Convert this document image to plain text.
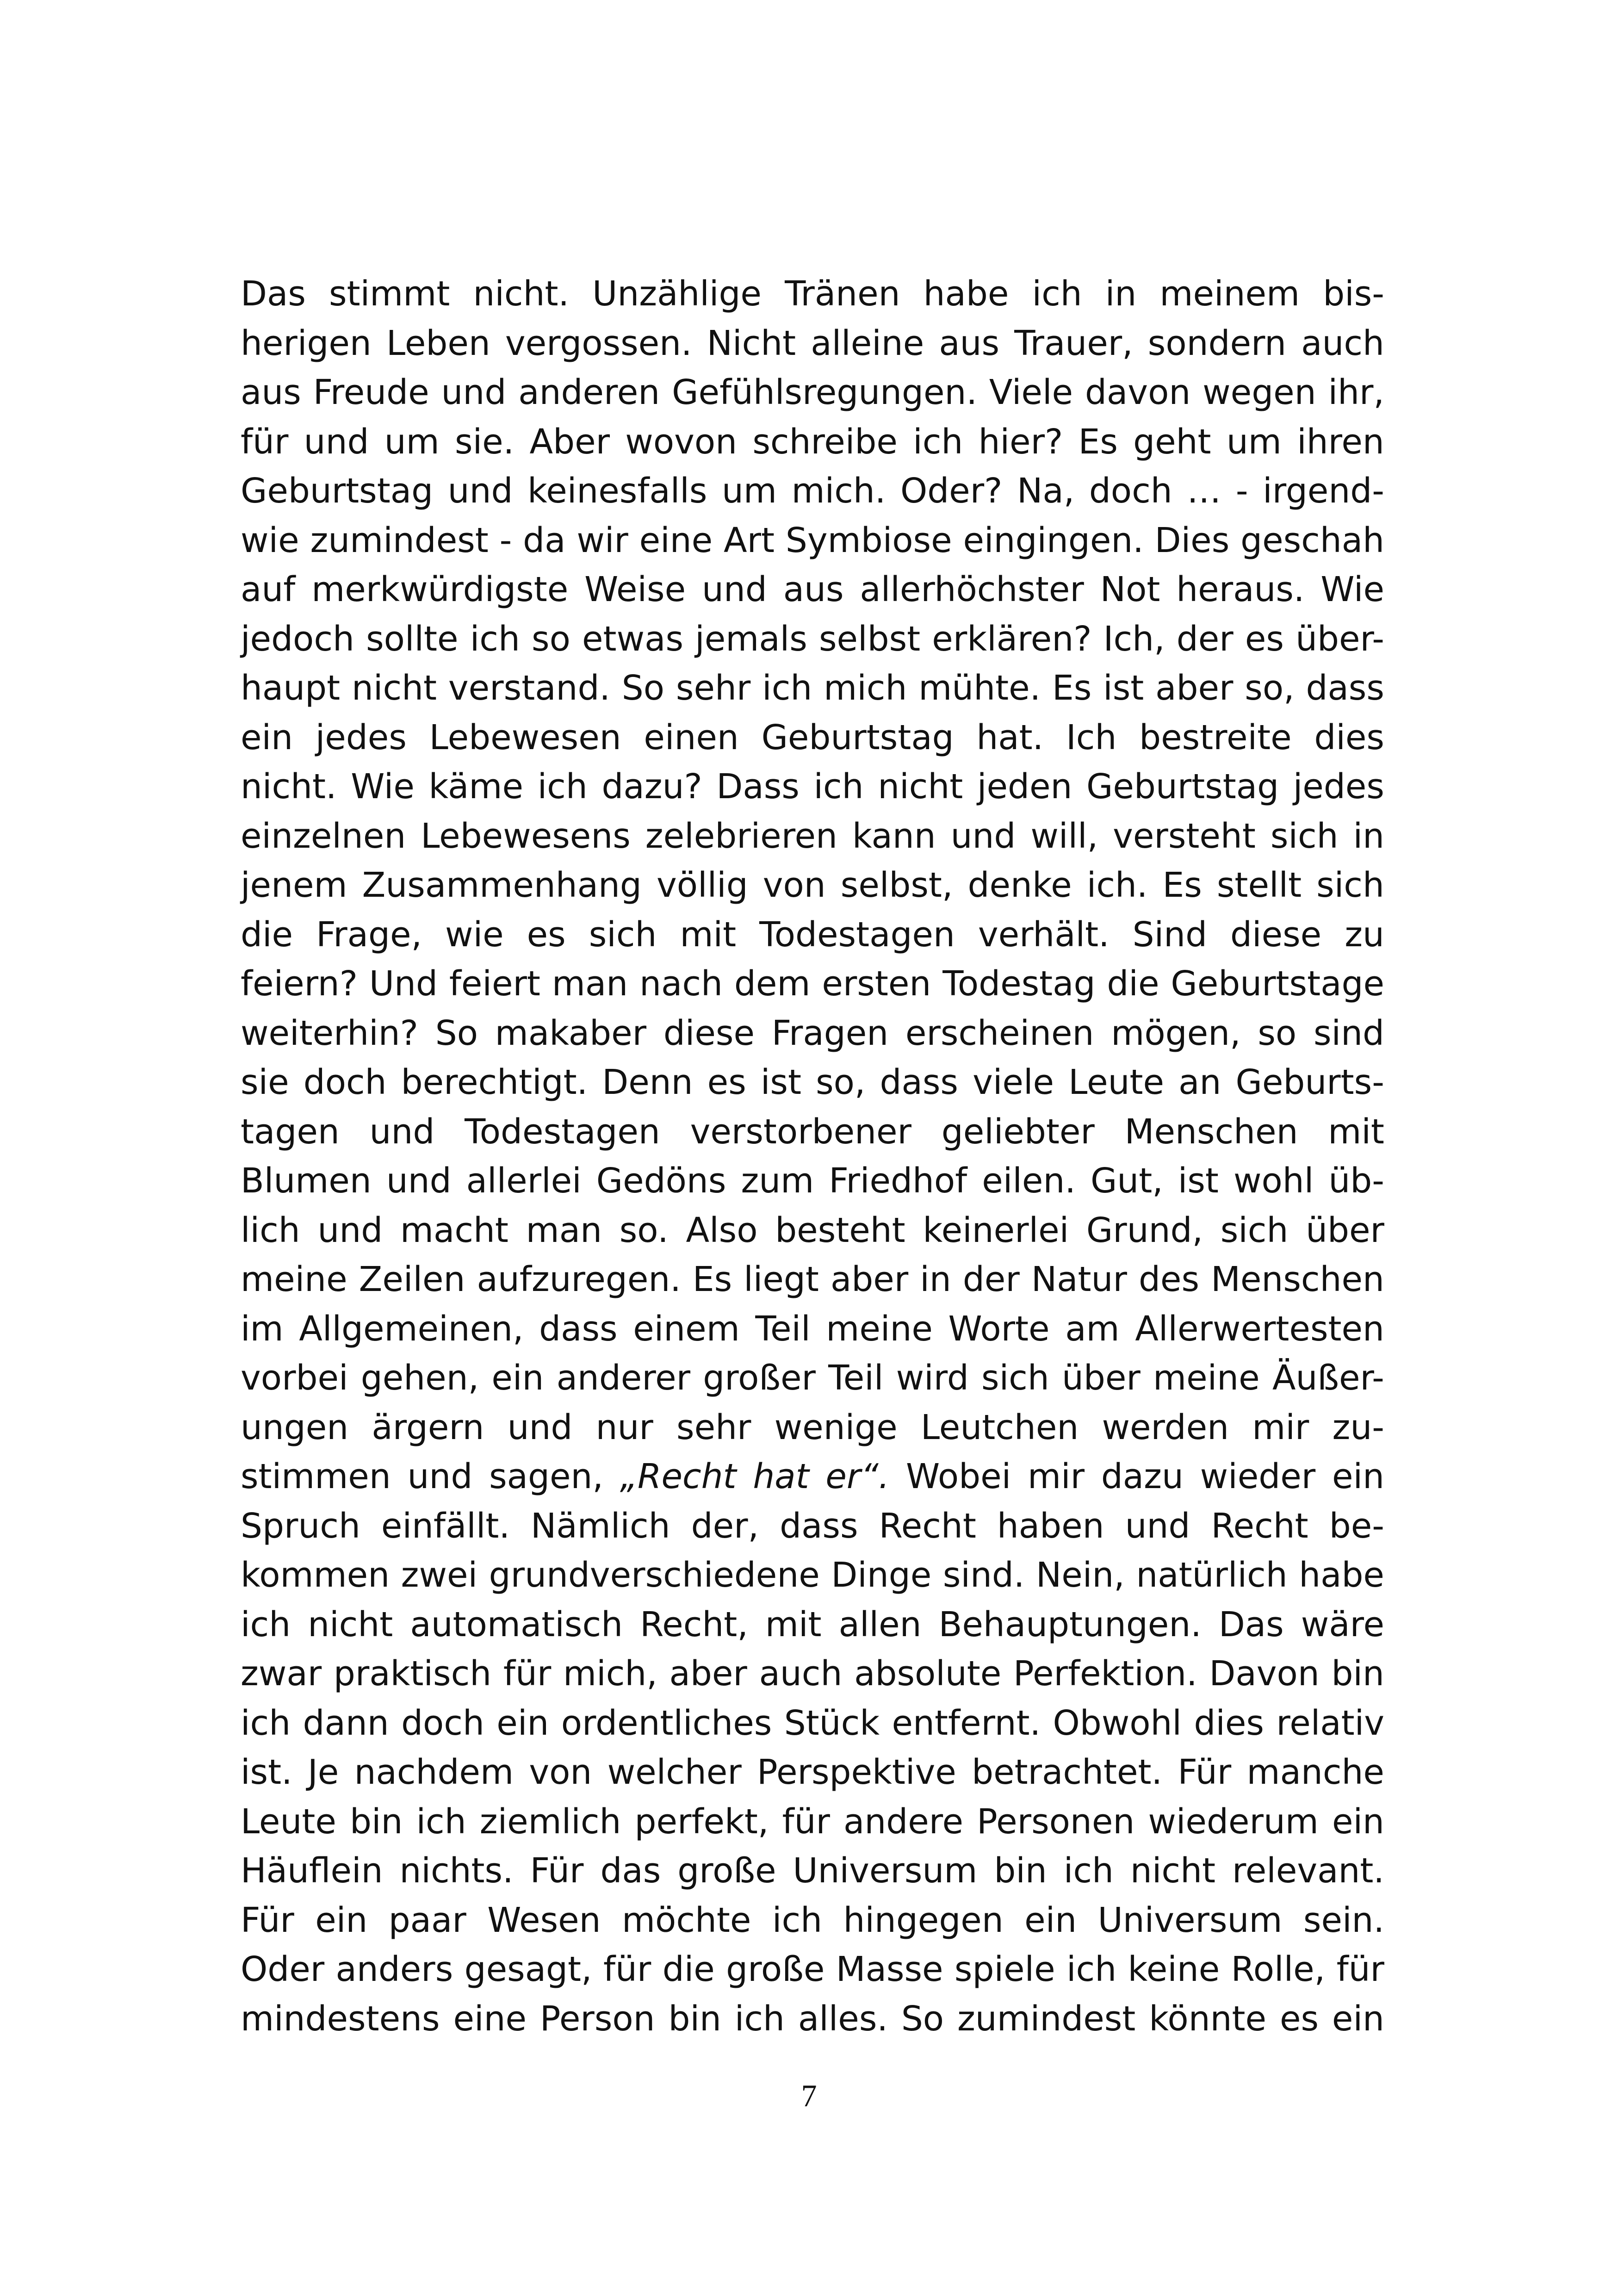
Das stimmt nicht. Unzählige Tränen habe ich in meinem bis-
herigen Leben vergossen. Nicht alleine aus Trauer, sondern auch
aus Freude und anderen Gefühlsregungen. Viele davon wegen ihr,
für und um sie. Aber wovon schreibe ich hier? Es geht um ihren
Geburtstag und keinesfalls um mich. Oder? Na, doch … - irgend-
wie zumindest - da wir eine Art Symbiose eingingen. Dies geschah
auf merkwürdigste Weise und aus allerhöchster Not heraus. Wie
jedoch sollte ich so etwas jemals selbst erklären? Ich, der es über-
haupt nicht verstand. So sehr ich mich mühte. Es ist aber so, dass
ein jedes Lebewesen einen Geburtstag hat. Ich bestreite dies
nicht. Wie käme ich dazu? Dass ich nicht jeden Geburtstag jedes
einzelnen Lebewesens zelebrieren kann und will, versteht sich in
jenem Zusammenhang völlig von selbst, denke ich. Es stellt sich
die Frage, wie es sich mit Todestagen verhält. Sind diese zu
feiern? Und feiert man nach dem ersten Todestag die Geburtstage
weiterhin? So makaber diese Fragen erscheinen mögen, so sind
sie doch berechtigt. Denn es ist so, dass viele Leute an Geburts-
tagen und Todestagen verstorbener geliebter Menschen mit
Blumen und allerlei Gedöns zum Friedhof eilen. Gut, ist wohl üb-
lich und macht man so. Also besteht keinerlei Grund, sich über
meine Zeilen aufzuregen. Es liegt aber in der Natur des Menschen
im Allgemeinen, dass einem Teil meine Worte am Allerwertesten
vorbei gehen, ein anderer großer Teil wird sich über meine Äußer-
ungen ärgern und nur sehr wenige Leutchen werden mir zu-
stimmen und sagen, „Recht hat er“. Wobei mir dazu wieder ein
Spruch einfällt. Nämlich der, dass Recht haben und Recht be-
kommen zwei grundverschiedene Dinge sind. Nein, natürlich habe
ich nicht automatisch Recht, mit allen Behauptungen. Das wäre
zwar praktisch für mich, aber auch absolute Perfektion. Davon bin
ich dann doch ein ordentliches Stück entfernt. Obwohl dies relativ
ist. Je nachdem von welcher Perspektive betrachtet. Für manche
Leute bin ich ziemlich perfekt, für andere Personen wiederum ein
Häuflein nichts. Für das große Universum bin ich nicht relevant.
Für ein paar Wesen möchte ich hingegen ein Universum sein.
Oder anders gesagt, für die große Masse spiele ich keine Rolle, für
mindestens eine Person bin ich alles. So zumindest könnte es ein
7
